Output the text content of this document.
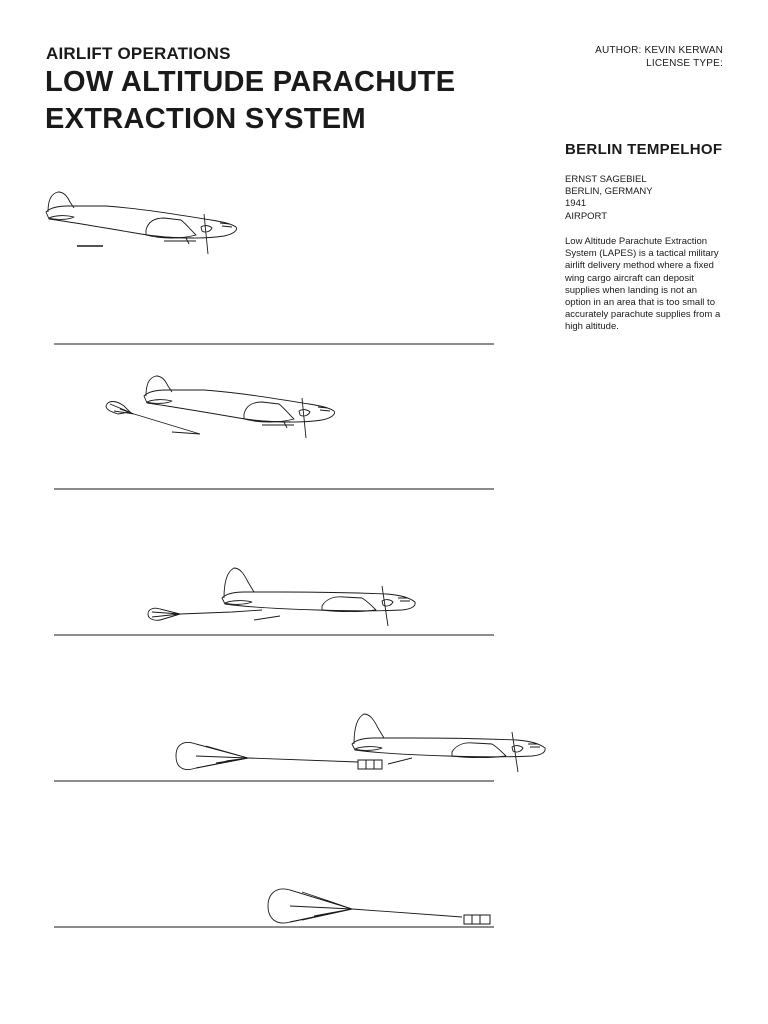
AIRLIFT OPERATIONS
LOW ALTITUDE PARACHUTE EXTRACTION SYSTEM
AUTHOR: KEVIN KERWAN
LICENSE TYPE:
BERLIN TEMPELHOF
ERNST SAGEBIEL
BERLIN, GERMANY
1941
AIRPORT
Low Altitude Parachute Extraction System (LAPES) is a tactical military airlift delivery method where a fixed wing cargo aircraft can deposit supplies when landing is not an option in an area that is too small to accurately parachute supplies from a high altitude.
